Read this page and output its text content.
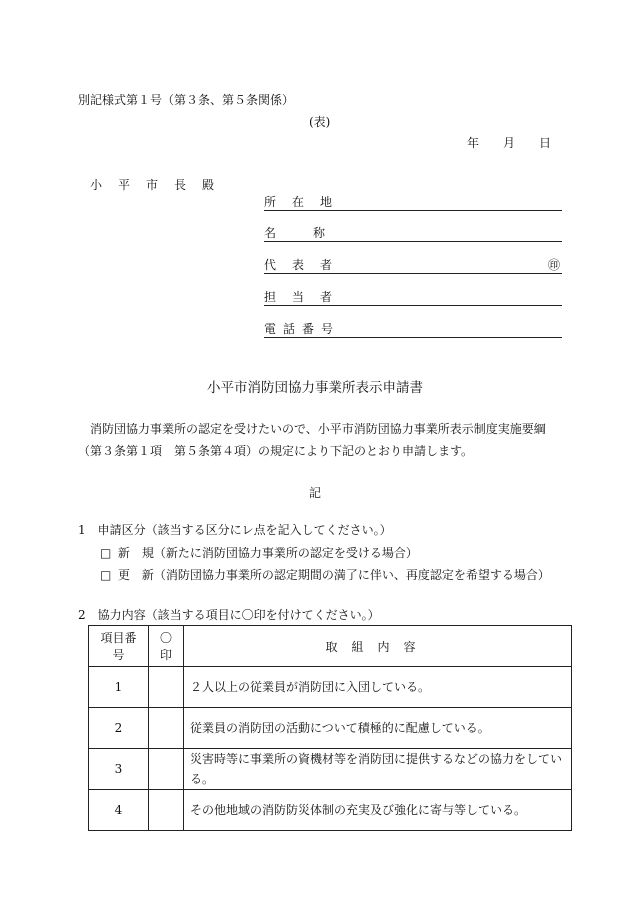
別記様式第１号（第３条、第５条関係）
(表)
年 月 日
小平市長殿
所在地
名称
代表者	㊞
担当者
電話番号
小平市消防団協力事業所表示申請書
消防団協力事業所の認定を受けたいので、小平市消防団協力事業所表示制度実施要綱（第３条第１項　第５条第４項）の規定により下記のとおり申請します。
記
1　申請区分（該当する区分にレ点を記入してください。）
□ 新　規（新たに消防団協力事業所の認定を受ける場合）
□ 更　新（消防団協力事業所の認定期間の満了に伴い、再度認定を希望する場合）
2　協力内容（該当する項目に〇印を付けてください。）
項目番号	〇印	取組内容
1		２人以上の従業員が消防団に入団している。
2		従業員の消防団の活動について積極的に配慮している。
3		災害時等に事業所の資機材等を消防団に提供するなどの協力をしている。
4		その他地域の消防防災体制の充実及び強化に寄与等している。
